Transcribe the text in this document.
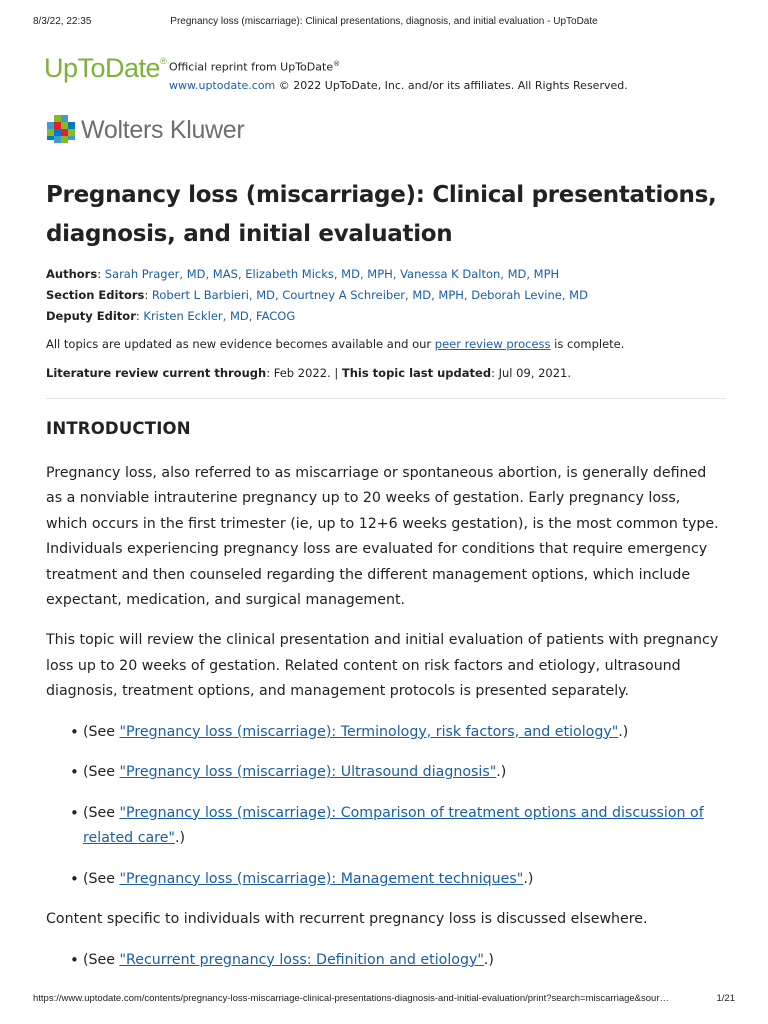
8/3/22, 22:35	Pregnancy loss (miscarriage): Clinical presentations, diagnosis, and initial evaluation - UpToDate
UpToDate® Official reprint from UpToDate®
www.uptodate.com © 2022 UpToDate, Inc. and/or its affiliates. All Rights Reserved.
Wolters Kluwer
Pregnancy loss (miscarriage): Clinical presentations, diagnosis, and initial evaluation
Authors: Sarah Prager, MD, MAS, Elizabeth Micks, MD, MPH, Vanessa K Dalton, MD, MPH
Section Editors: Robert L Barbieri, MD, Courtney A Schreiber, MD, MPH, Deborah Levine, MD
Deputy Editor: Kristen Eckler, MD, FACOG
All topics are updated as new evidence becomes available and our peer review process is complete.
Literature review current through: Feb 2022. | This topic last updated: Jul 09, 2021.
INTRODUCTION

Pregnancy loss, also referred to as miscarriage or spontaneous abortion, is generally defined as a nonviable intrauterine pregnancy up to 20 weeks of gestation. Early pregnancy loss, which occurs in the first trimester (ie, up to 12+6 weeks gestation), is the most common type. Individuals experiencing pregnancy loss are evaluated for conditions that require emergency treatment and then counseled regarding the different management options, which include expectant, medication, and surgical management.

This topic will review the clinical presentation and initial evaluation of patients with pregnancy loss up to 20 weeks of gestation. Related content on risk factors and etiology, ultrasound diagnosis, treatment options, and management protocols is presented separately.

• (See "Pregnancy loss (miscarriage): Terminology, risk factors, and etiology".)
• (See "Pregnancy loss (miscarriage): Ultrasound diagnosis".)
• (See "Pregnancy loss (miscarriage): Comparison of treatment options and discussion of related care".)
• (See "Pregnancy loss (miscarriage): Management techniques".)

Content specific to individuals with recurrent pregnancy loss is discussed elsewhere.

• (See "Recurrent pregnancy loss: Definition and etiology".)
https://www.uptodate.com/contents/pregnancy-loss-miscarriage-clinical-presentations-diagnosis-and-initial-evaluation/print?search=miscarriage&sour…	1/21
